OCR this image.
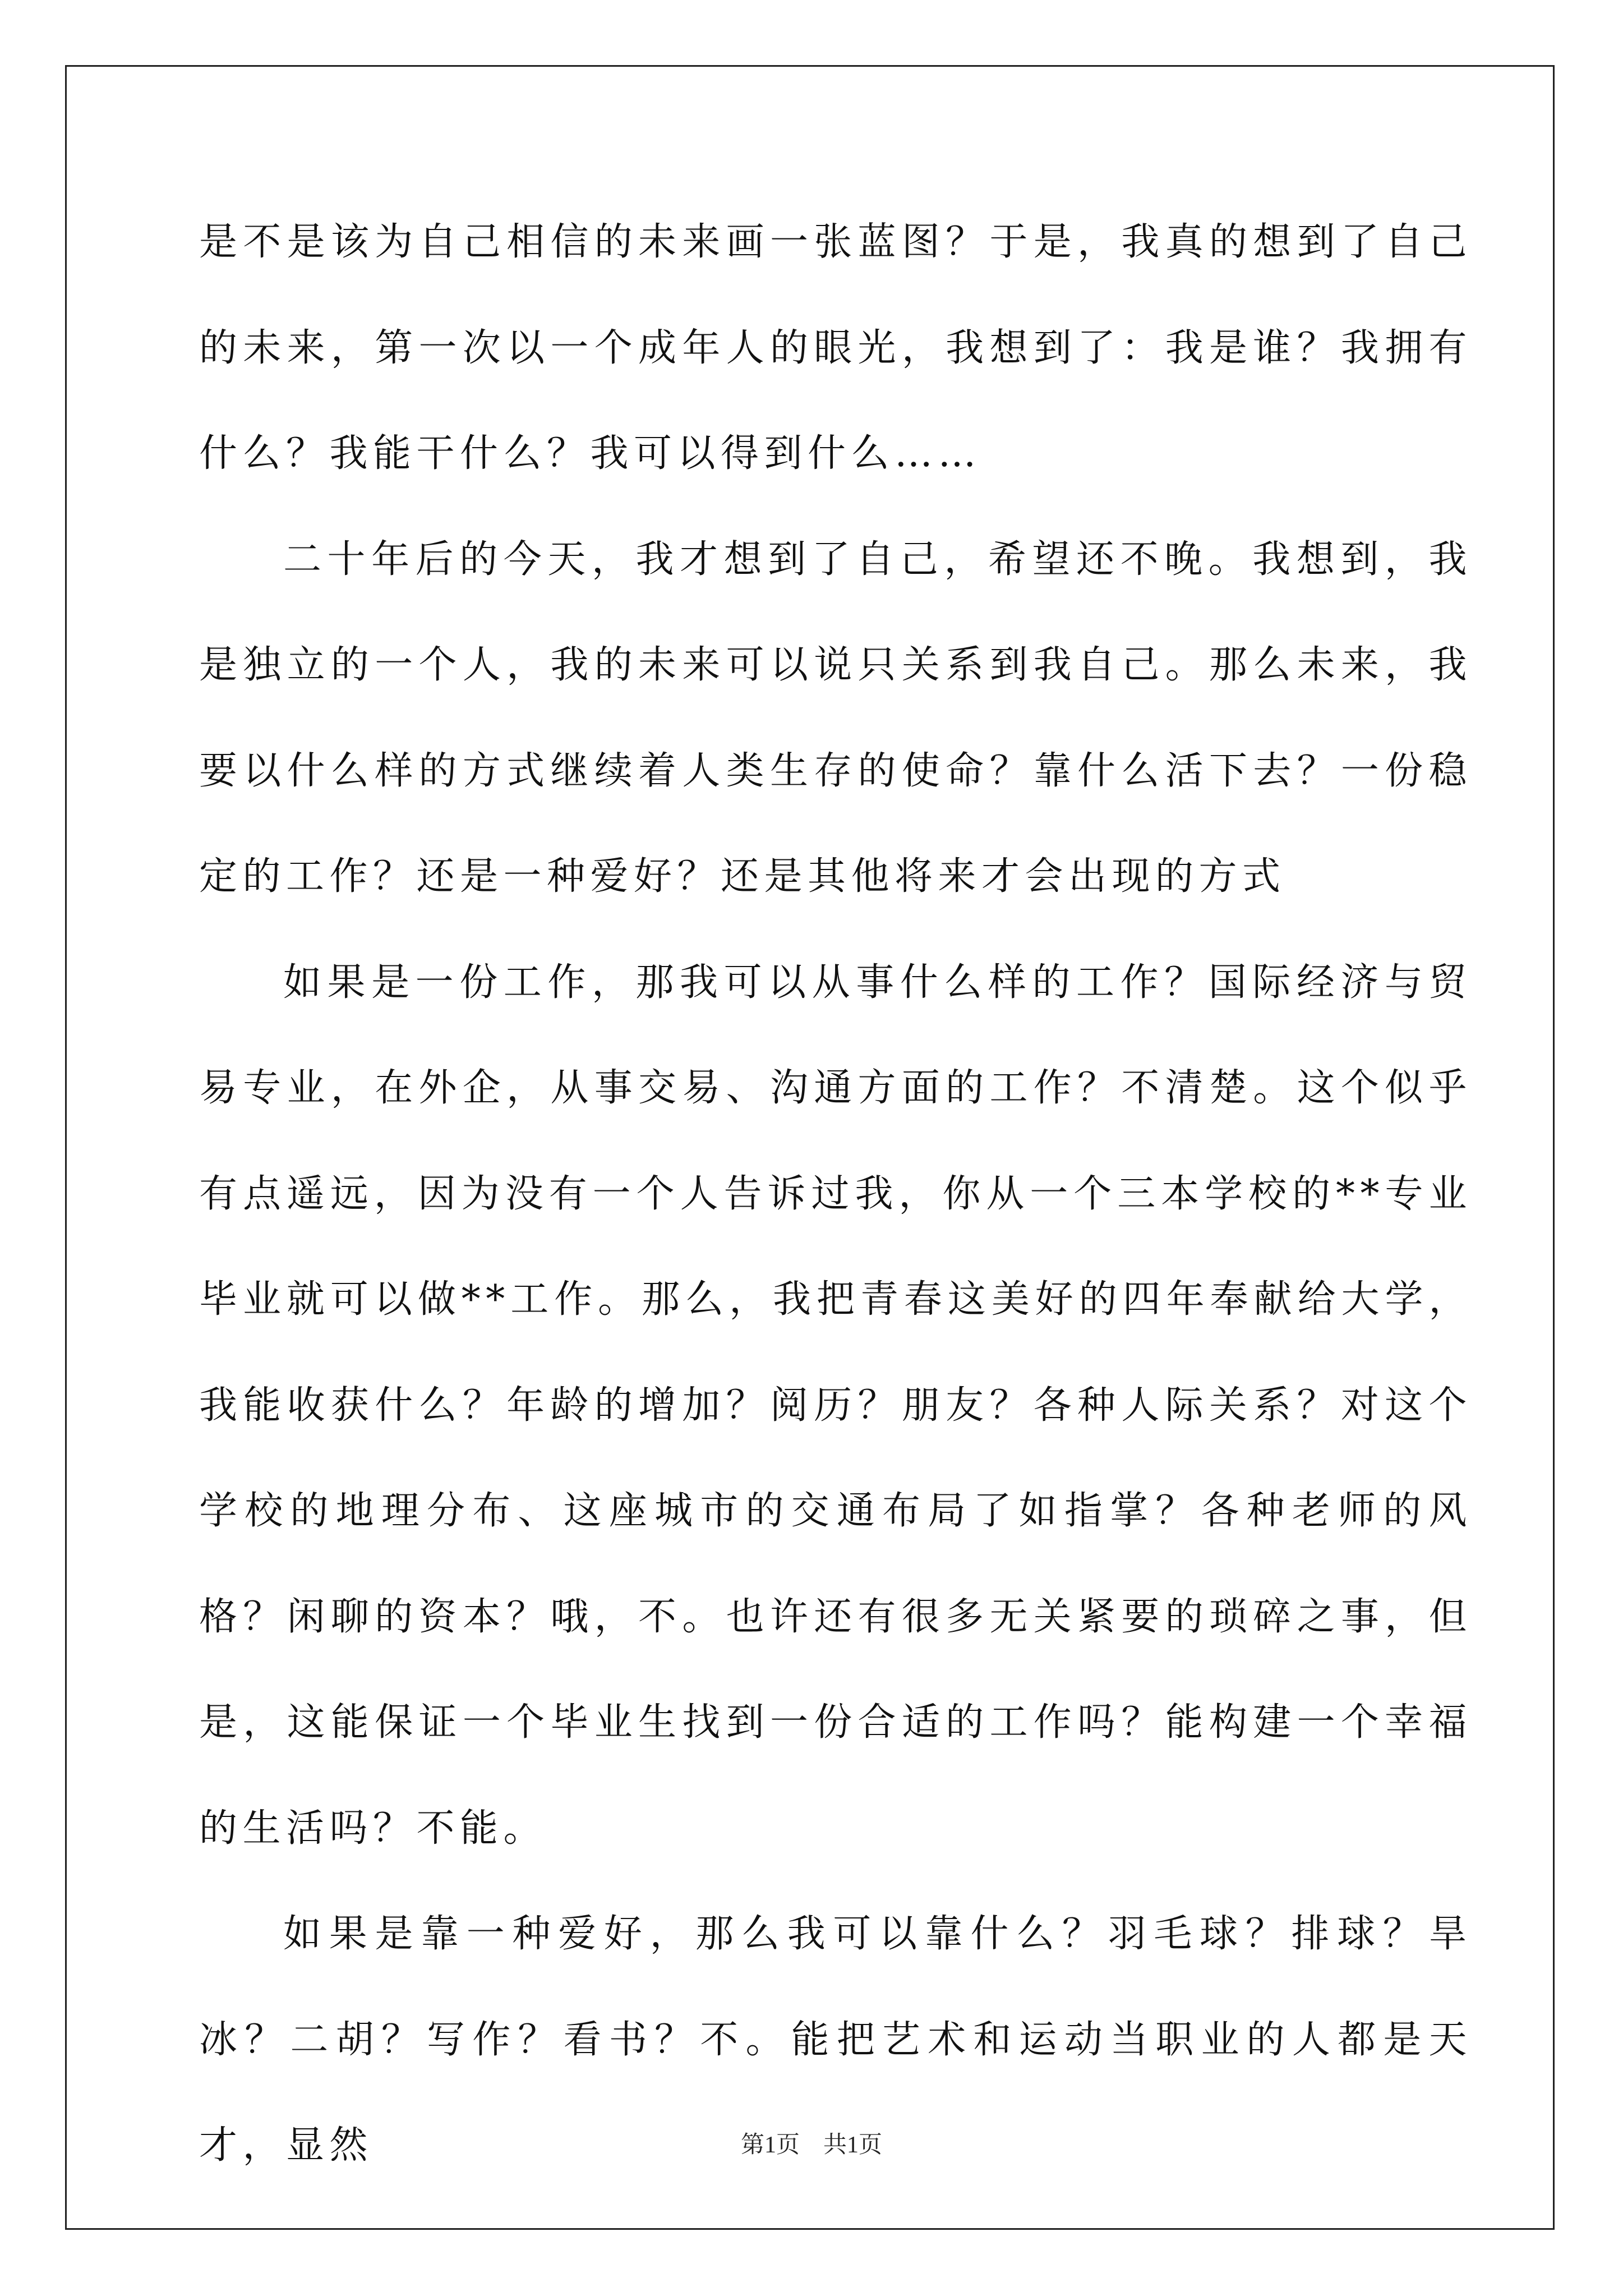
是不是该为自己相信的未来画一张蓝图？于是，我真的想到了自己的未来，第一次以一个成年人的眼光，我想到了：我是谁？我拥有什么？我能干什么？我可以得到什么……

二十年后的今天，我才想到了自己，希望还不晚。我想到，我是独立的一个人，我的未来可以说只关系到我自己。那么未来，我要以什么样的方式继续着人类生存的使命？靠什么活下去？一份稳定的工作？还是一种爱好？还是其他将来才会出现的方式

如果是一份工作，那我可以从事什么样的工作？国际经济与贸易专业，在外企，从事交易、沟通方面的工作？不清楚。这个似乎有点遥远，因为没有一个人告诉过我，你从一个三本学校的**专业毕业就可以做**工作。那么，我把青春这美好的四年奉献给大学，我能收获什么？年龄的增加？阅历？朋友？各种人际关系？对这个学校的地理分布、这座城市的交通布局了如指掌？各种老师的风格？闲聊的资本？哦，不。也许还有很多无关紧要的琐碎之事，但是，这能保证一个毕业生找到一份合适的工作吗？能构建一个幸福的生活吗？不能。

如果是靠一种爱好，那么我可以靠什么？羽毛球？排球？旱冰？二胡？写作？看书？不。能把艺术和运动当职业的人都是天才，显然	第1页　共1页
